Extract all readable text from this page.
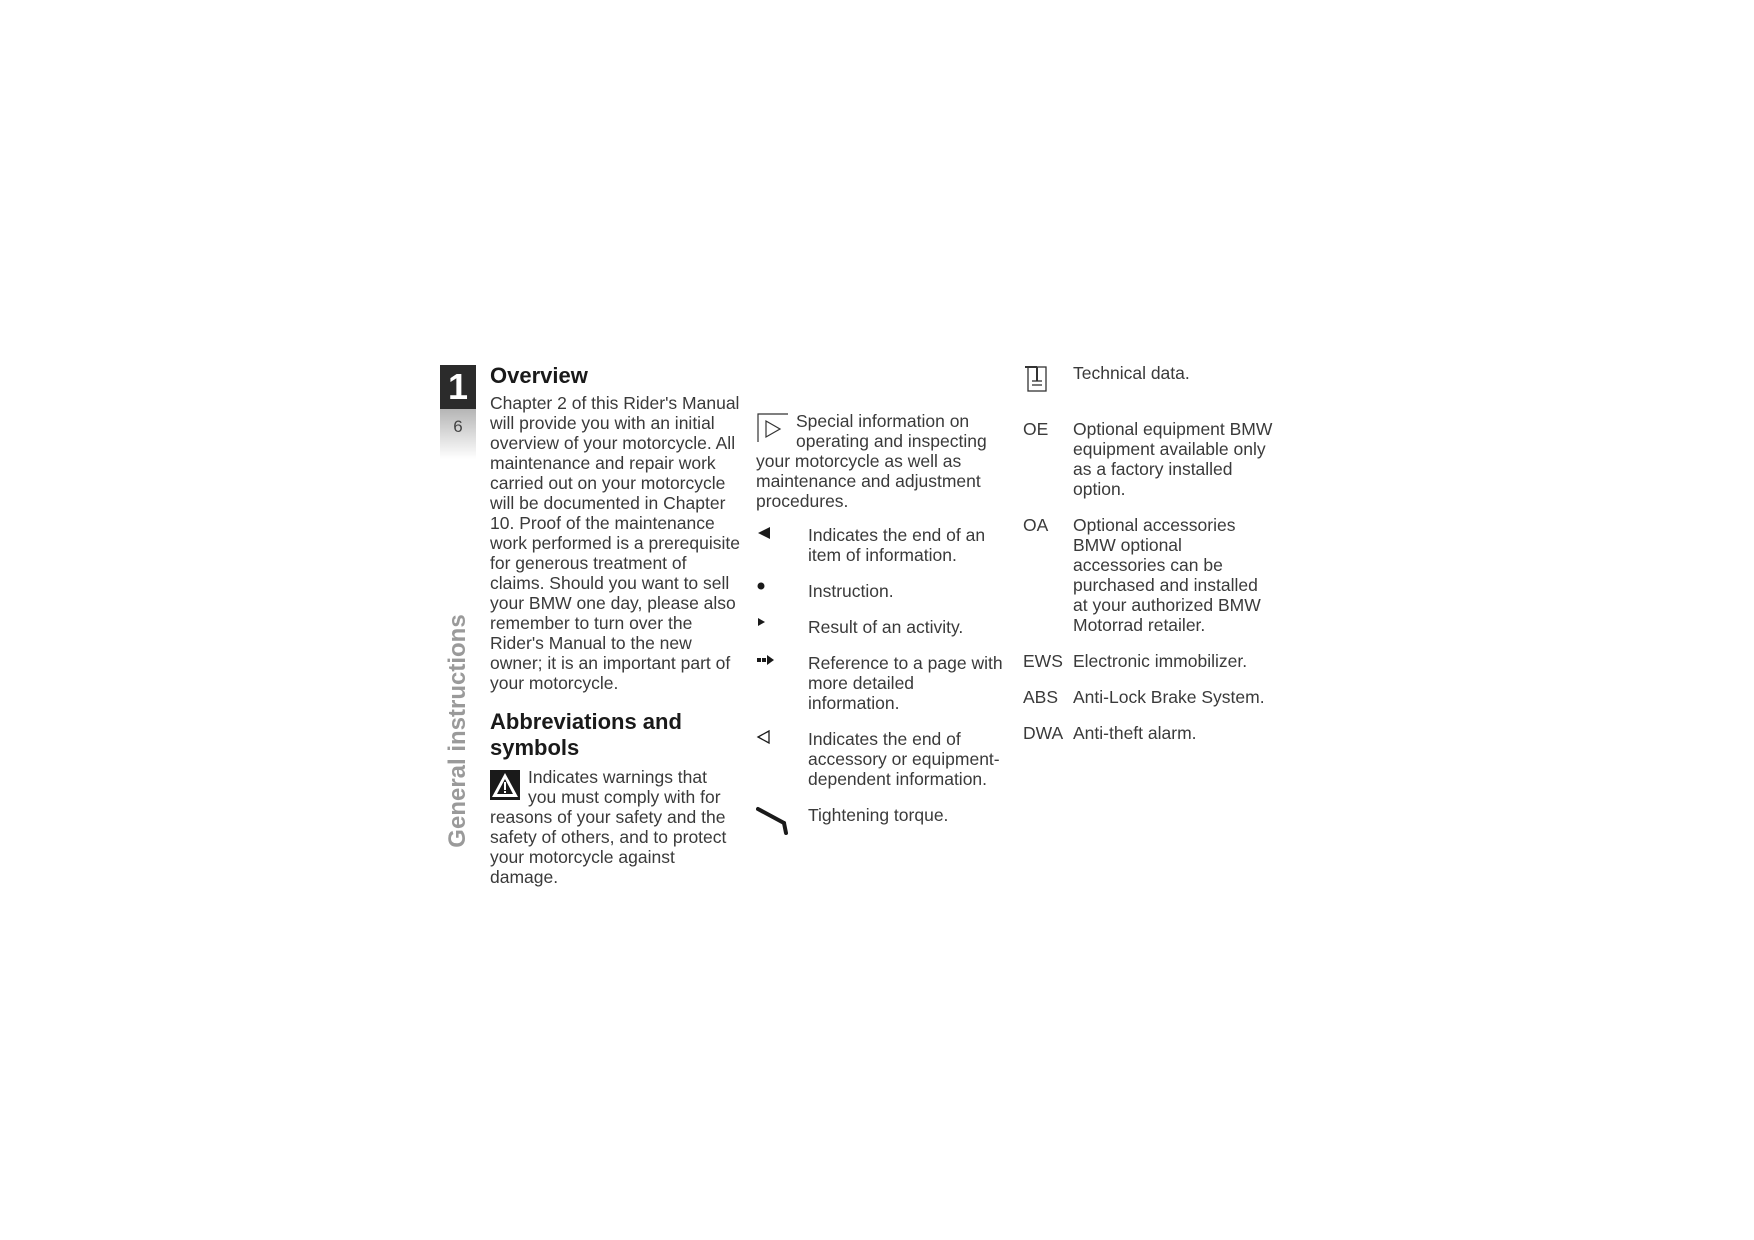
1
6
General instructions
Overview

Chapter 2 of this Rider's Manual will provide you with an initial overview of your motorcycle. All maintenance and repair work carried out on your motorcycle will be documented in Chapter 10. Proof of the maintenance work performed is a prerequisite for generous treatment of claims. Should you want to sell your BMW one day, please also remember to turn over the Rider's Manual to the new owner; it is an important part of your motorcycle.

Abbreviations and symbols
Indicates warnings that you must comply with for reasons of your safety and the safety of others, and to protect your motorcycle against damage.
Special information on operating and inspecting your motorcycle as well as maintenance and adjustment procedures.
Indicates the end of an item of information.
Instruction.
Result of an activity.
Reference to a page with more detailed information.
Indicates the end of accessory or equipment-dependent information.
Tightening torque.
Technical data.
OE	Optional equipment BMW equipment available only as a factory installed option.
OA	Optional accessories BMW optional accessories can be purchased and installed at your authorized BMW Motorrad retailer.
EWS Electronic immobilizer.
ABS Anti-Lock Brake System.
DWA Anti-theft alarm.
